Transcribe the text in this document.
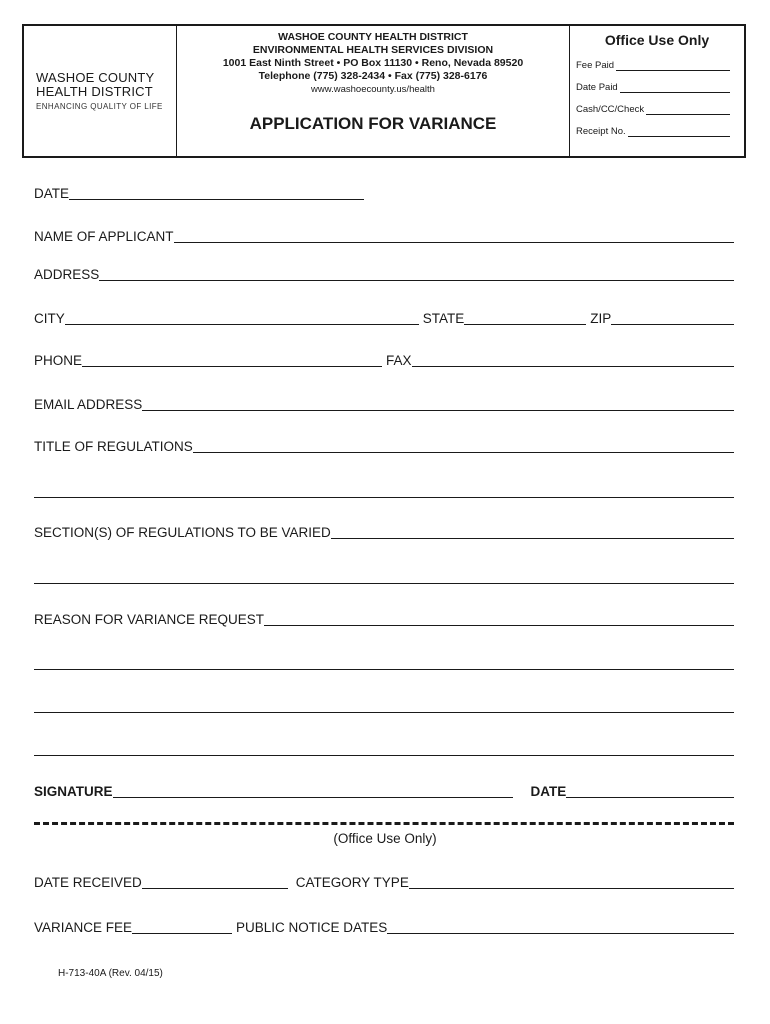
WASHOE COUNTY
HEALTH DISTRICT
ENHANCING QUALITY OF LIFE
WASHOE COUNTY HEALTH DISTRICT
ENVIRONMENTAL HEALTH SERVICES DIVISION
1001 East Ninth Street • PO Box 11130 • Reno, Nevada 89520
Telephone (775) 328-2434 • Fax (775) 328-6176
www.washoecounty.us/health
APPLICATION FOR VARIANCE
Office Use Only
Fee Paid
Date Paid
Cash/CC/Check
Receipt No.
DATE
NAME OF APPLICANT
ADDRESS
CITY	STATE	ZIP
PHONE	FAX
EMAIL ADDRESS
TITLE OF REGULATIONS
SECTION(S) OF REGULATIONS TO BE VARIED
REASON FOR VARIANCE REQUEST
SIGNATURE	DATE
(Office Use Only)
DATE RECEIVED	CATEGORY TYPE
VARIANCE FEE	PUBLIC NOTICE DATES
H-713-40A (Rev. 04/15)
